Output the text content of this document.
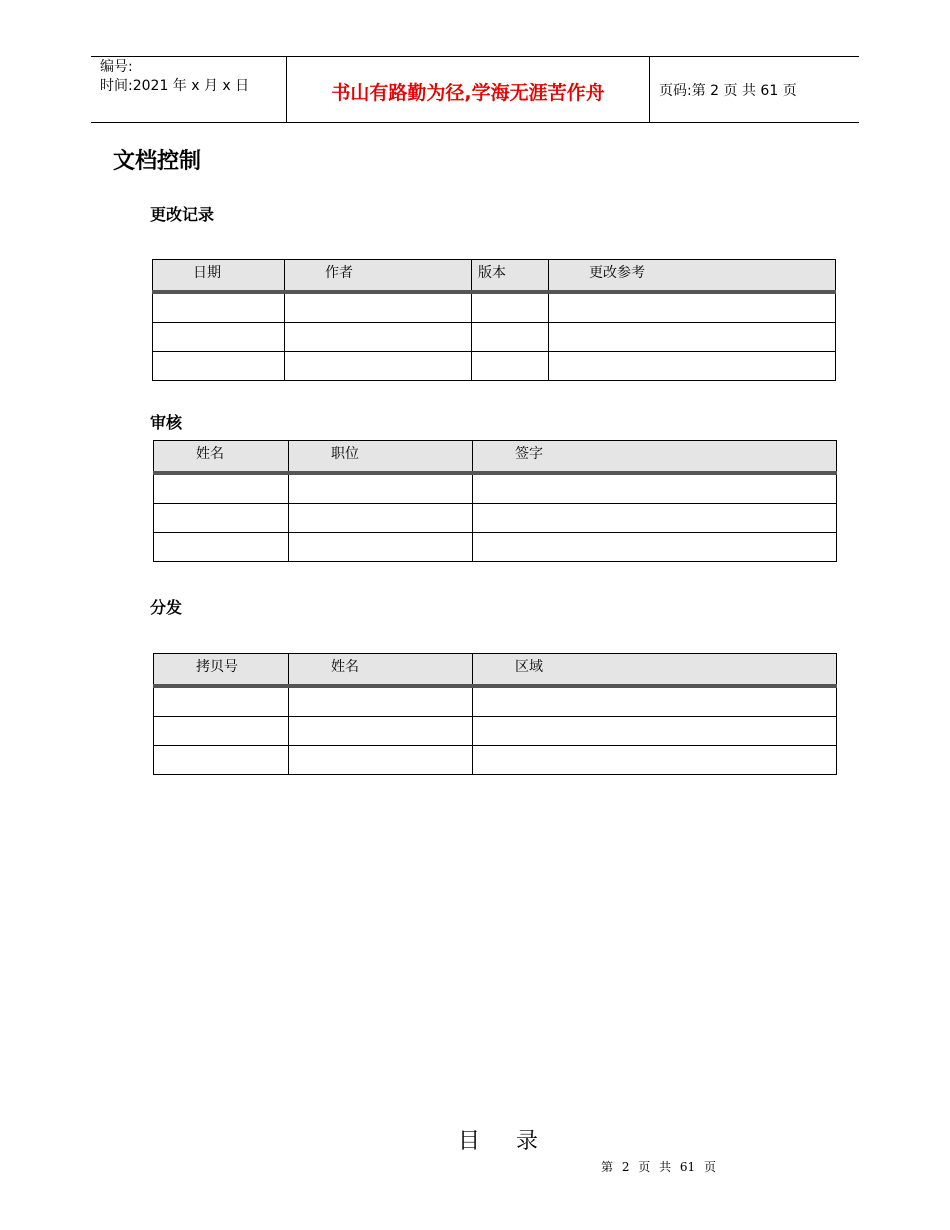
编号:
时间:2021 年 x 月 x 日	书山有路勤为径,学海无涯苦作舟	页码:第 2 页 共 61 页
文档控制
更改记录
日期	作者	版本	更改参考

审核
姓名	职位	签字

分发
拷贝号	姓名	区域

目录
第 2 页 共 61 页
